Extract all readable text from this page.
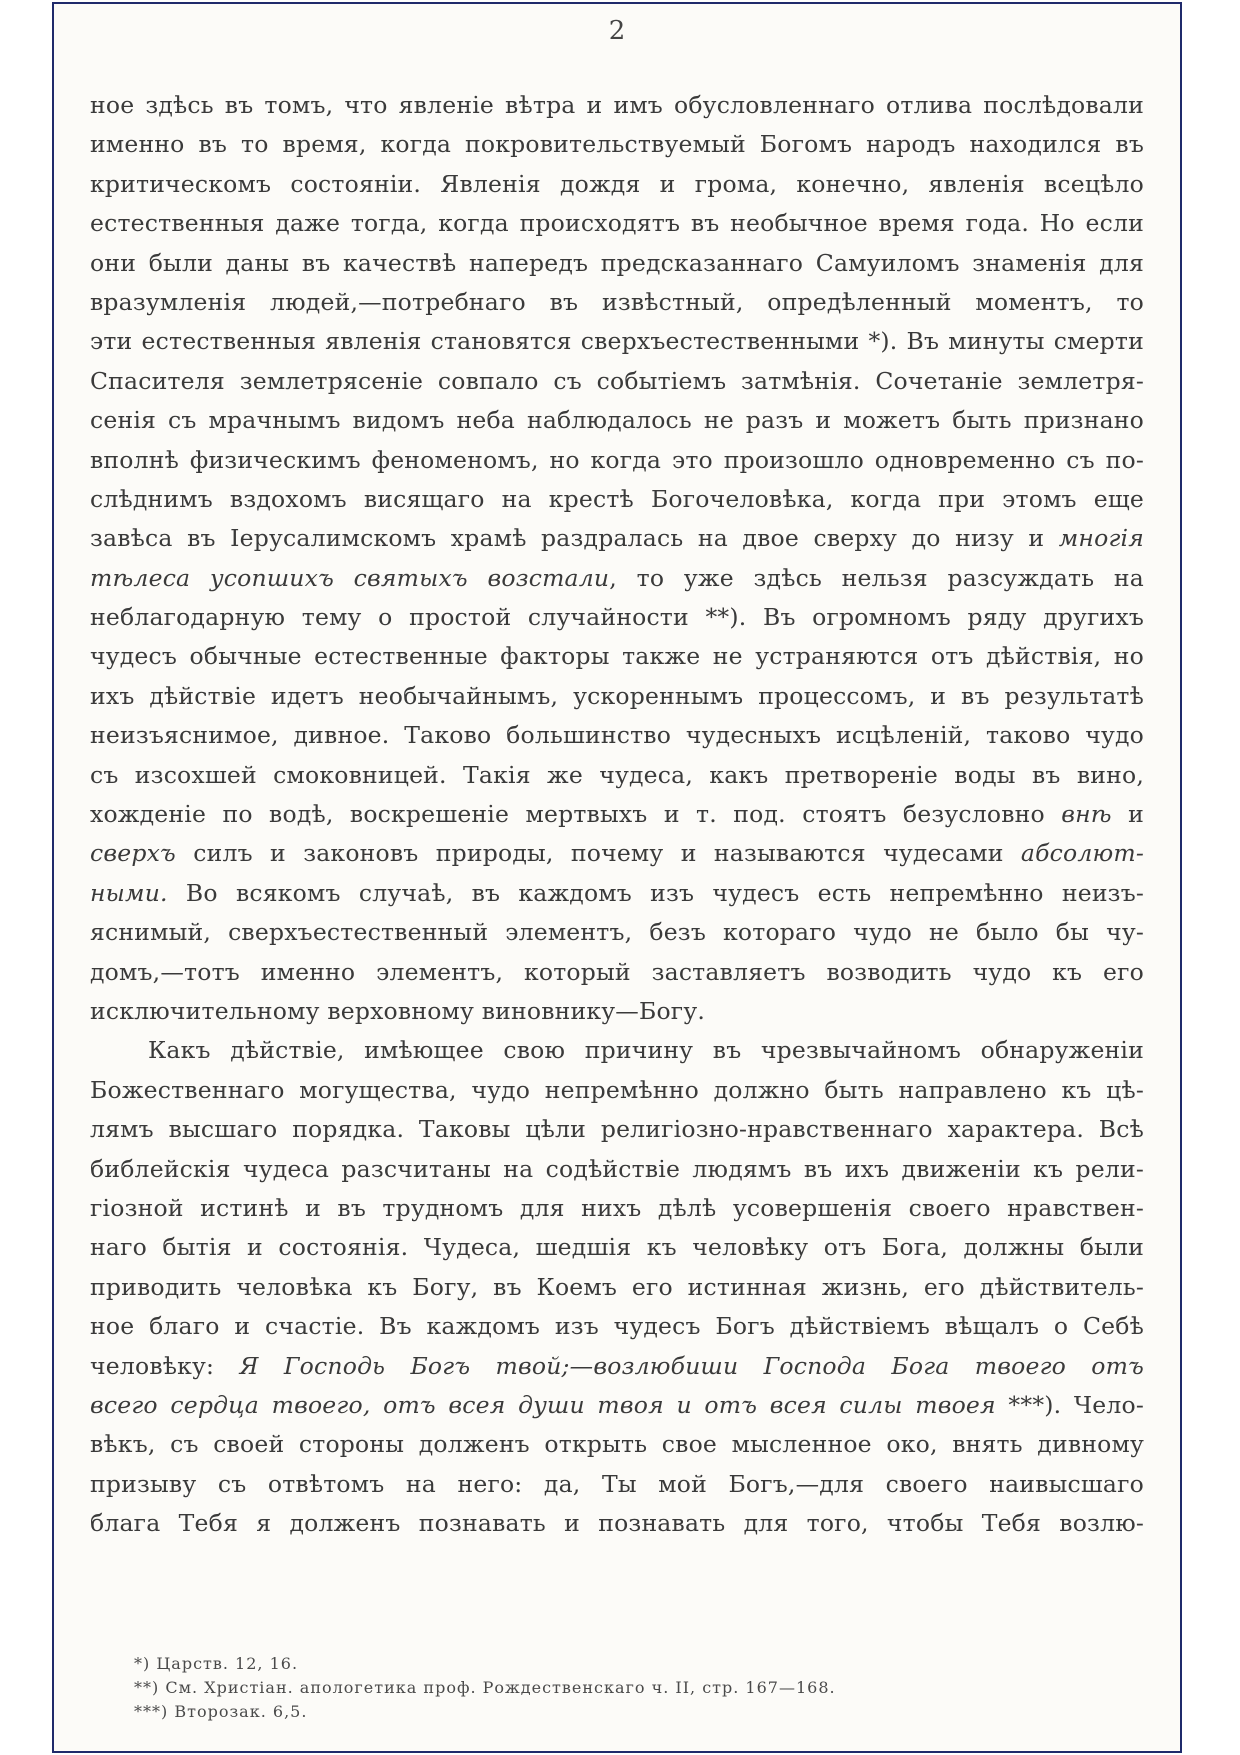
2
ное здѣсь въ томъ, что явленіе вѣтра и имъ обусловленнаго отлива послѣдовали
именно въ то время, когда покровительствуемый Богомъ народъ находился въ
критическомъ состояніи. Явленія дождя и грома, конечно, явленія всецѣло
естественныя даже тогда, когда происходятъ въ необычное время года. Но если
они были даны въ качествѣ напередъ предсказаннаго Самуиломъ знаменія для
вразумленія людей,—потребнаго въ извѣстный, опредѣленный моментъ, то
эти естественныя явленія становятся сверхъестественными *). Въ минуты смерти
Спасителя землетрясеніе совпало съ событіемъ затмѣнія. Сочетаніе землетря-
сенія съ мрачнымъ видомъ неба наблюдалось не разъ и можетъ быть признано
вполнѣ физическимъ феноменомъ, но когда это произошло одновременно съ по-
слѣднимъ вздохомъ висящаго на крестѣ Богочеловѣка, когда при этомъ еще
завѣса въ Іерусалимскомъ храмѣ раздралась на двое сверху до низу и многія
тѣлеса усопшихъ святыхъ возстали, то уже здѣсь нельзя разсуждать на
неблагодарную тему о простой случайности **). Въ огромномъ ряду другихъ
чудесъ обычные естественные факторы также не устраняются отъ дѣйствія, но
ихъ дѣйствіе идетъ необычайнымъ, ускореннымъ процессомъ, и въ результатѣ
неизъяснимое, дивное. Таково большинство чудесныхъ исцѣленій, таково чудо
съ изсохшей смоковницей. Такія же чудеса, какъ претвореніе воды въ вино,
хожденіе по водѣ, воскрешеніе мертвыхъ и т. под. стоятъ безусловно внѣ и
сверхъ силъ и законовъ природы, почему и называются чудесами абсолют-
ными. Во всякомъ случаѣ, въ каждомъ изъ чудесъ есть непремѣнно неизъ-
яснимый, сверхъестественный элементъ, безъ котораго чудо не было бы чу-
домъ,—тотъ именно элементъ, который заставляетъ возводить чудо къ его
исключительному верховному виновнику—Богу.
Какъ дѣйствіе, имѣющее свою причину въ чрезвычайномъ обнаруженіи
Божественнаго могущества, чудо непремѣнно должно быть направлено къ цѣ-
лямъ высшаго порядка. Таковы цѣли религіозно-нравственнаго характера. Всѣ
библейскія чудеса разсчитаны на содѣйствіе людямъ въ ихъ движеніи къ рели-
гіозной истинѣ и въ трудномъ для нихъ дѣлѣ усовершенія своего нравствен-
наго бытія и состоянія. Чудеса, шедшія къ человѣку отъ Бога, должны были
приводить человѣка къ Богу, въ Коемъ его истинная жизнь, его дѣйствитель-
ное благо и счастіе. Въ каждомъ изъ чудесъ Богъ дѣйствіемъ вѣщалъ о Себѣ
человѣку: Я Господь Богъ твой;—возлюбиши Господа Бога твоего отъ
всего сердца твоего, отъ всея души твоя и отъ всея силы твоея ***). Чело-
вѣкъ, съ своей стороны долженъ открыть свое мысленное око, внять дивному
призыву съ отвѣтомъ на него: да, Ты мой Богъ,—для своего наивысшаго
блага Тебя я долженъ познавать и познавать для того, чтобы Тебя возлю-
*) Царств. 12, 16.
**) См. Христіан. апологетика проф. Рождественскаго ч. II, стр. 167—168.
***) Второзак. 6,5.
